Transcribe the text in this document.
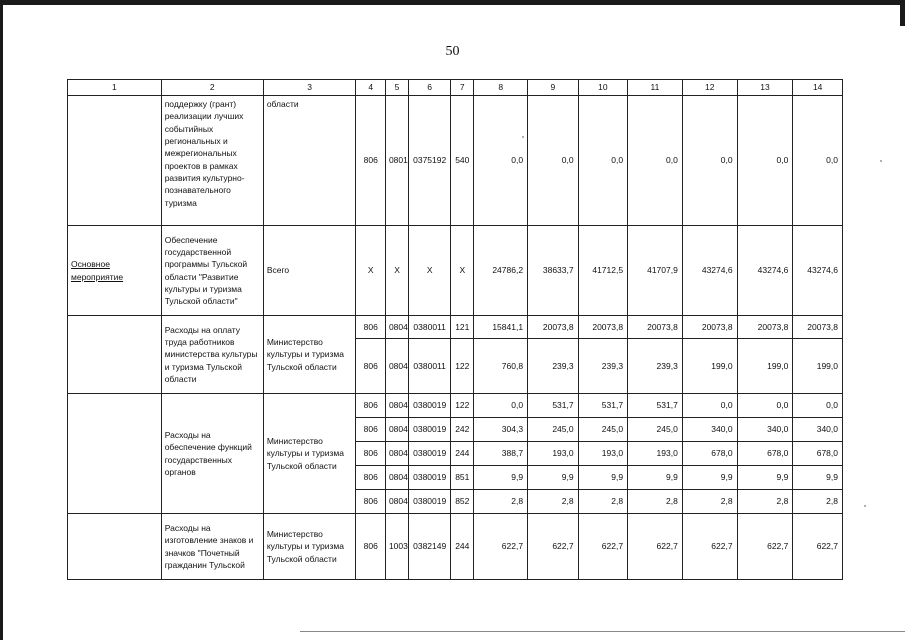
50
1	2	3	4	5	6	7	8	9	10	11	12	13	14
	поддержку (грант) реализации лучших событийных региональных и межрегиональных проектов в рамках развития культурно-познавательного туризма	области	806	0801	0375192	540	0,0	0,0	0,0	0,0	0,0	0,0	0,0
Основное мероприятие	Обеспечение государственной программы Тульской области "Развитие культуры и туризма Тульской области"	Всего	Х	Х	Х	Х	24786,2	38633,7	41712,5	41707,9	43274,6	43274,6	43274,6
	Расходы на оплату труда работников министерства культуры и туризма Тульской области	Министерство культуры и туризма Тульской области	806	0804	0380011	121	15841,1	20073,8	20073,8	20073,8	20073,8	20073,8	20073,8
			806	0804	0380011	122	760,8	239,3	239,3	239,3	199,0	199,0	199,0
	Расходы на обеспечение функций государственных органов	Министерство культуры и туризма Тульской области	806	0804	0380019	122	0,0	531,7	531,7	531,7	0,0	0,0	0,0
			806	0804	0380019	242	304,3	245,0	245,0	245,0	340,0	340,0	340,0
			806	0804	0380019	244	388,7	193,0	193,0	193,0	678,0	678,0	678,0
			806	0804	0380019	851	9,9	9,9	9,9	9,9	9,9	9,9	9,9
			806	0804	0380019	852	2,8	2,8	2,8	2,8	2,8	2,8	2,8
	Расходы на изготовление знаков и значков "Почетный гражданин Тульской	Министерство культуры и туризма Тульской области	806	1003	0382149	244	622,7	622,7	622,7	622,7	622,7	622,7	622,7
